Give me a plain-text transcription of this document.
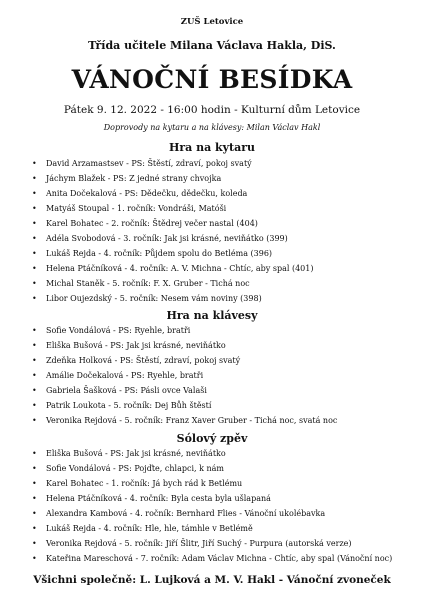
ZUŠ Letovice
Třída učitele Milana Václava Hakla, DiS.
VÁNOČNÍ BESÍDKA
Pátek 9. 12. 2022 - 16:00 hodin - Kulturní dům Letovice
Doprovody na kytaru a na klávesy: Milan Václav Hakl
Hra na kytaru
• David Arzamastsev - PS: Štěstí, zdraví, pokoj svatý
• Jáchym Blažek - PS: Z jedné strany chvojka
• Anita Dočekalová - PS: Dědečku, dědečku, koleda
• Matyáš Stoupal - 1. ročník: Vondráši, Matóši
• Karel Bohatec - 2. ročník: Štědrej večer nastal (404)
• Adéla Svobodová - 3. ročník: Jak jsi krásné, neviňátko (399)
• Lukáš Rejda - 4. ročník: Půjdem spolu do Betléma (396)
• Helena Ptáčníková - 4. ročník: A. V. Michna - Chtíc, aby spal (401)
• Michal Staněk - 5. ročník: F. X. Gruber - Tichá noc
• Libor Oujezdský - 5. ročník: Nesem vám noviny (398)
Hra na klávesy
• Sofie Vondálová - PS: Ryehle, bratři
• Eliška Bušová - PS: Jak jsi krásné, neviňátko
• Zdeňka Holková - PS: Štěstí, zdraví, pokoj svatý
• Amálie Dočekalová - PS: Ryehle, bratři
• Gabriela Šašková - PS: Pásli ovce Valaši
• Patrik Loukota - 5. ročník: Dej Bůh štěstí
• Veronika Rejdová - 5. ročník: Franz Xaver Gruber - Tichá noc, svatá noc
Sólový zpěv
• Eliška Bušová - PS: Jak jsi krásné, neviňátko
• Sofie Vondálová - PS: Pojďte, chlapci, k nám
• Karel Bohatec - 1. ročník: Já bych rád k Betlému
• Helena Ptáčníková - 4. ročník: Byla cesta byla ušlapaná
• Alexandra Kambová - 4. ročník: Bernhard Flies - Vánoční ukolébavka
• Lukáš Rejda - 4. ročník: Hle, hle, támhle v Betlémě
• Veronika Rejdová - 5. ročník: Jiří Šlitr, Jiří Suchý - Purpura (autorská verze)
• Kateřina Mareschová - 7. ročník: Adam Václav Michna - Chtíc, aby spal (Vánoční noc)
Všichni společně: L. Lujková a M. V. Hakl - Vánoční zvoneček
